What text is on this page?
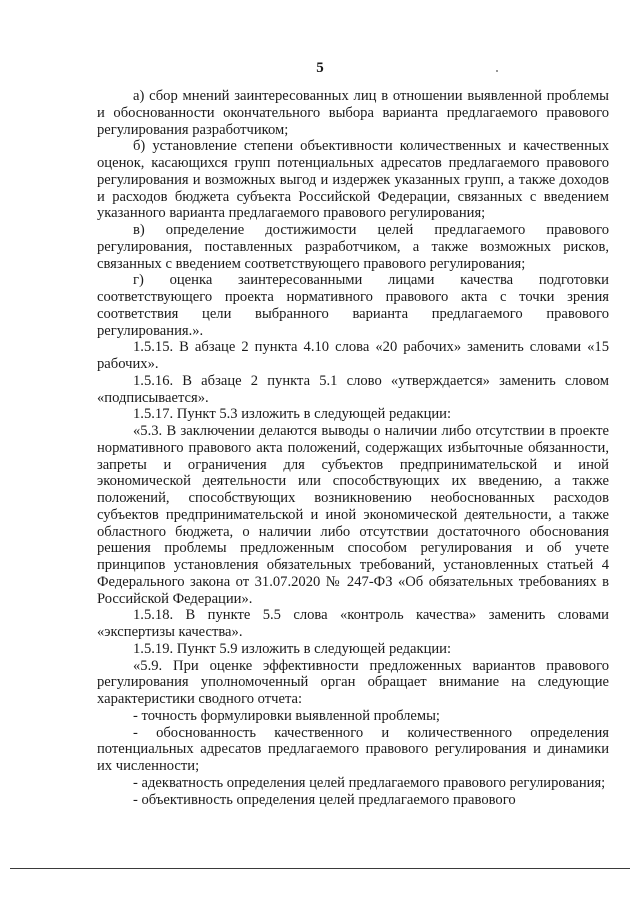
5

а) сбор мнений заинтересованных лиц в отношении выявленной проблемы и обоснованности окончательного выбора варианта предлагаемого правового регулирования разработчиком;

б) установление степени объективности количественных и качественных оценок, касающихся групп потенциальных адресатов предлагаемого правового регулирования и возможных выгод и издержек указанных групп, а также доходов и расходов бюджета субъекта Российской Федерации, связанных с введением указанного варианта предлагаемого правового регулирования;

в) определение достижимости целей предлагаемого правового регулирования, поставленных разработчиком, а также возможных рисков, связанных с введением соответствующего правового регулирования;

г) оценка заинтересованными лицами качества подготовки соответствующего проекта нормативного правового акта с точки зрения соответствия цели выбранного варианта предлагаемого правового регулирования.».

1.5.15. В абзаце 2 пункта 4.10 слова «20 рабочих» заменить словами «15 рабочих».

1.5.16. В абзаце 2 пункта 5.1 слово «утверждается» заменить словом «подписывается».

1.5.17. Пункт 5.3 изложить в следующей редакции:

«5.3. В заключении делаются выводы о наличии либо отсутствии в проекте нормативного правового акта положений, содержащих избыточные обязанности, запреты и ограничения для субъектов предпринимательской и иной экономической деятельности или способствующих их введению, а также положений, способствующих возникновению необоснованных расходов субъектов предпринимательской и иной экономической деятельности, а также областного бюджета, о наличии либо отсутствии достаточного обоснования решения проблемы предложенным способом регулирования и об учете принципов установления обязательных требований, установленных статьей 4 Федерального закона от 31.07.2020 № 247-ФЗ «Об обязательных требованиях в Российской Федерации».

1.5.18. В пункте 5.5 слова «контроль качества» заменить словами «экспертизы качества».

1.5.19. Пункт 5.9 изложить в следующей редакции:

«5.9. При оценке эффективности предложенных вариантов правового регулирования уполномоченный орган обращает внимание на следующие характеристики сводного отчета:

- точность формулировки выявленной проблемы;

- обоснованность качественного и количественного определения потенциальных адресатов предлагаемого правового регулирования и динамики их численности;

- адекватность определения целей предлагаемого правового регулирования;

- объективность определения целей предлагаемого правового
